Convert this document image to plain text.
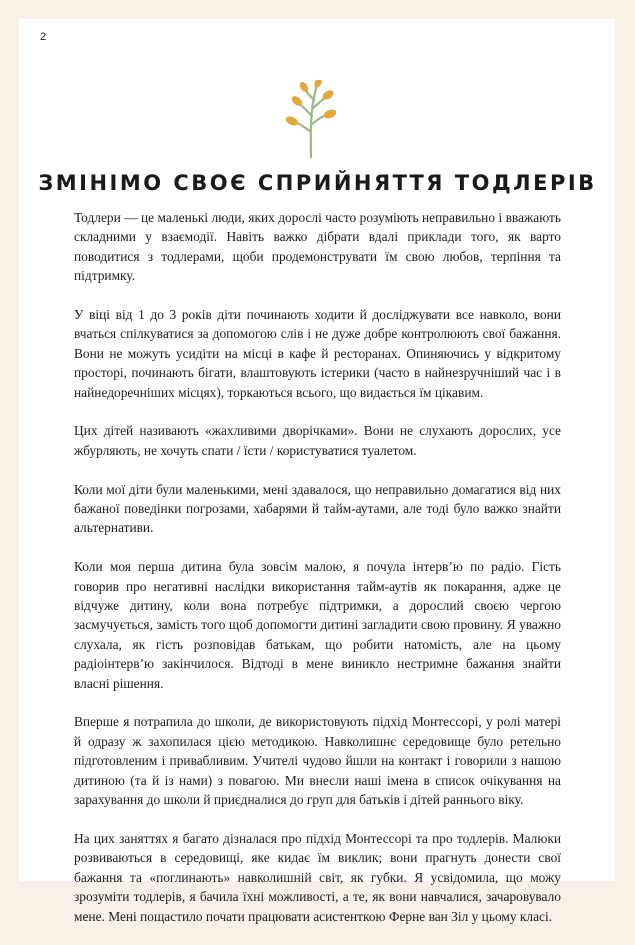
2
ЗМІНІМО СВОЄ СПРИЙНЯТТЯ ТОДЛЕРІВ

Тодлери — це маленькі люди, яких дорослі часто розуміють неправильно і вважають складними у взаємодії. Навіть важко дібрати вдалі приклади того, як варто поводитися з тодлерами, щоби продемонструвати їм свою любов, терпіння та підтримку.

У віці від 1 до 3 років діти починають ходити й досліджувати все навколо, вони вчаться спілкуватися за допомогою слів і не дуже добре контролюють свої бажання. Вони не можуть усидіти на місці в кафе й ресторанах. Опиняючись у відкритому просторі, починають бігати, влаштовують істерики (часто в найнезручніший час і в найнедоречніших місцях), торкаються всього, що видається їм цікавим.

Цих дітей називають «жахливими дворічками». Вони не слухають дорослих, усе жбурляють, не хочуть спати / їсти / користуватися туалетом.

Коли мої діти були маленькими, мені здавалося, що неправильно домагатися від них бажаної поведінки погрозами, хабарями й тайм-аутами, але тоді було важко знайти альтернативи.

Коли моя перша дитина була зовсім малою, я почула інтерв’ю по радіо. Гість говорив про негативні наслідки використання тайм-аутів як покарання, адже це відчуже дитину, коли вона потребує підтримки, а дорослий своєю чергою засмучується, замість того щоб допомогти дитині загладити свою провину. Я уважно слухала, як гість розповідав батькам, що робити натомість, але на цьому радіоінтерв’ю закінчилося. Відтоді в мене виникло нестримне бажання знайти власні рішення.

Вперше я потрапила до школи, де використовують підхід Монтессорі, у ролі матері й одразу ж захопилася цією методикою. Навколишнє середовище було ретельно підготовленим і привабливим. Учителі чудово йшли на контакт і говорили з нашою дитиною (та й із нами) з повагою. Ми внесли наші імена в список очікування на зарахування до школи й приєдналися до груп для батьків і дітей раннього віку.

На цих заняттях я багато дізналася про підхід Монтессорі та про тодлерів. Малюки розвиваються в середовищі, яке кидає їм виклик; вони прагнуть донести свої бажання та «поглинають» навколишній світ, як губки. Я усвідомила, що можу зрозуміти тодлерів, я бачила їхні можливості, а те, як вони навчалися, зачаровувало мене. Мені пощастило почати працювати асистенткою Ферне ван Зіл у цьому класі.
